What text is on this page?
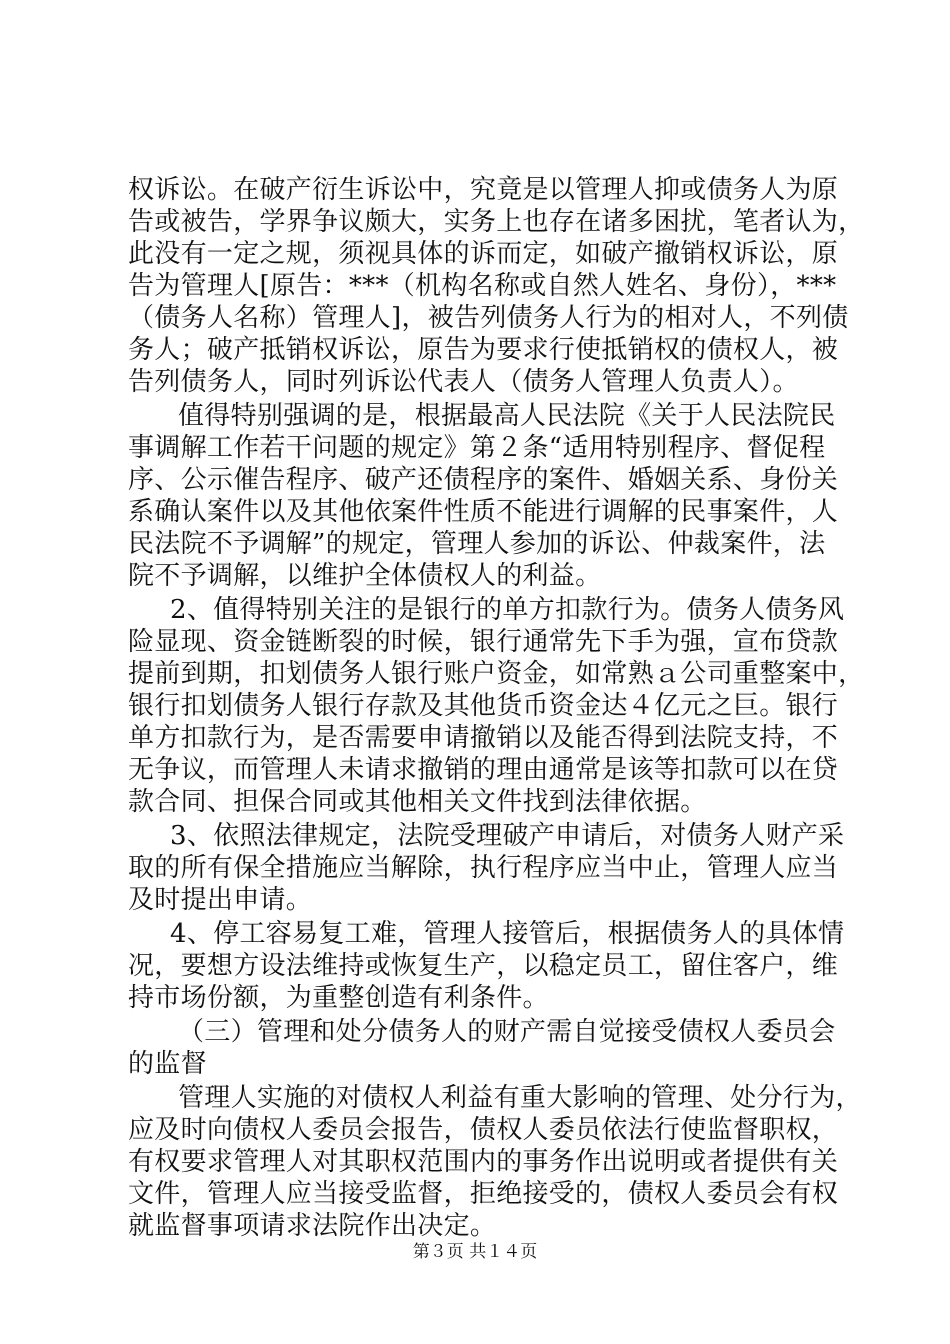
权诉讼。在破产衍生诉讼中，究竟是以管理人抑或债务人为原
告或被告，学界争议颇大，实务上也存在诸多困扰，笔者认为，
此没有一定之规，须视具体的诉而定，如破产撤销权诉讼，原
告为管理人[原告：***（机构名称或自然人姓名、身份），***
（债务人名称）管理人]，被告列债务人行为的相对人，不列债
务人；破产抵销权诉讼，原告为要求行使抵销权的债权人，被
告列债务人，同时列诉讼代表人（债务人管理人负责人）。
值得特别强调的是，根据最高人民法院《关于人民法院民
事调解工作若干问题的规定》第２条“适用特别程序、督促程
序、公示催告程序、破产还债程序的案件、婚姻关系、身份关
系确认案件以及其他依案件性质不能进行调解的民事案件，人
民法院不予调解”的规定，管理人参加的诉讼、仲裁案件，法
院不予调解，以维护全体债权人的利益。
2、值得特别关注的是银行的单方扣款行为。债务人债务风
险显现、资金链断裂的时候，银行通常先下手为强，宣布贷款
提前到期，扣划债务人银行账户资金，如常熟ａ公司重整案中，
银行扣划债务人银行存款及其他货币资金达４亿元之巨。银行
单方扣款行为，是否需要申请撤销以及能否得到法院支持，不
无争议，而管理人未请求撤销的理由通常是该等扣款可以在贷
款合同、担保合同或其他相关文件找到法律依据。
3、依照法律规定，法院受理破产申请后，对债务人财产采
取的所有保全措施应当解除，执行程序应当中止，管理人应当
及时提出申请。
4、停工容易复工难，管理人接管后，根据债务人的具体情
况，要想方设法维持或恢复生产，以稳定员工，留住客户，维
持市场份额，为重整创造有利条件。
（三）管理和处分债务人的财产需自觉接受债权人委员会
的监督
管理人实施的对债权人利益有重大影响的管理、处分行为，
应及时向债权人委员会报告，债权人委员依法行使监督职权，
有权要求管理人对其职权范围内的事务作出说明或者提供有关
文件，管理人应当接受监督，拒绝接受的，债权人委员会有权
就监督事项请求法院作出决定。
第３页 共１４页
